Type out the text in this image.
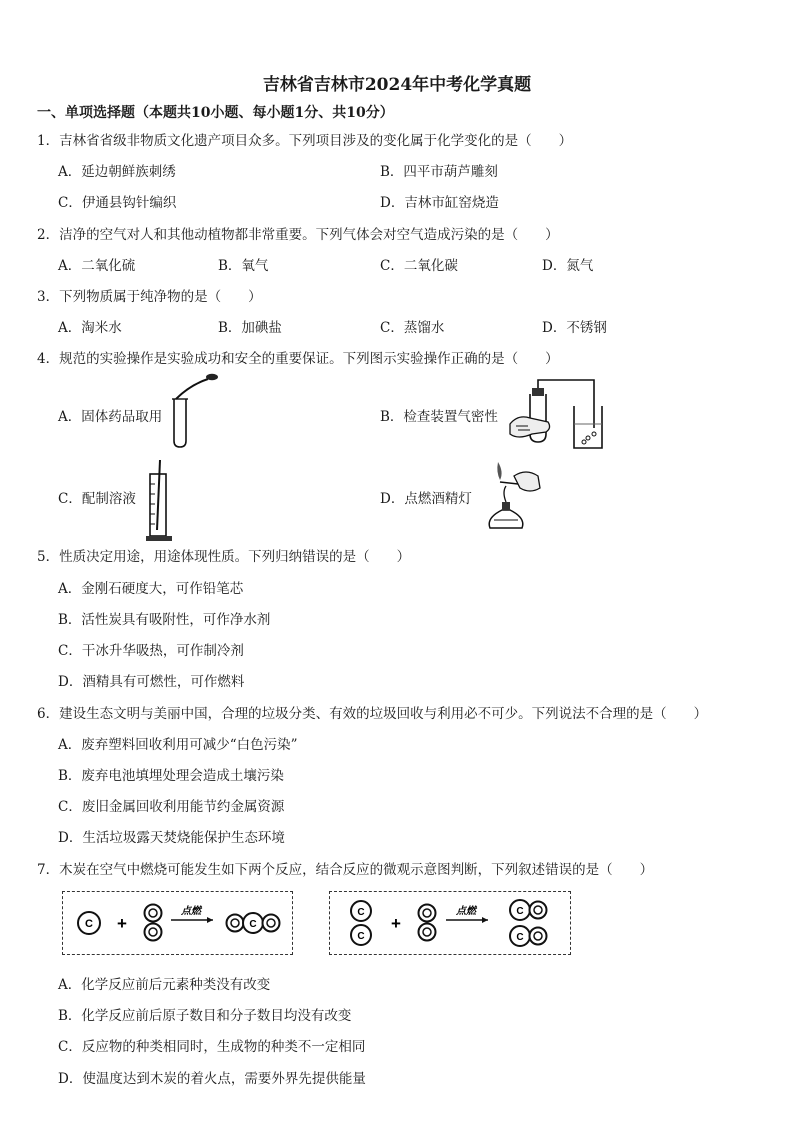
吉林省吉林市2024年中考化学真题
一、单项选择题（本题共10小题、每小题1分、共10分）
1．吉林省省级非物质文化遗产项目众多。下列项目涉及的变化属于化学变化的是（　　）
A．延边朝鲜族刺绣	B．四平市葫芦雕刻
C．伊通县钩针编织	D．吉林市缸窑烧造
2．洁净的空气对人和其他动植物都非常重要。下列气体会对空气造成污染的是（　　）
A．二氧化硫	B．氧气	C．二氧化碳	D．氮气
3．下列物质属于纯净物的是（　　）
A．淘米水	B．加碘盐	C．蒸馏水	D．不锈钢
4．规范的实验操作是实验成功和安全的重要保证。下列图示实验操作正确的是（　　）
A．固体药品取用	B．检查装置气密性
C．配制溶液	D．点燃酒精灯
5．性质决定用途，用途体现性质。下列归纳错误的是（　　）
A．金刚石硬度大，可作铅笔芯
B．活性炭具有吸附性，可作净水剂
C．干冰升华吸热，可作制冷剂
D．酒精具有可燃性，可作燃料
6．建设生态文明与美丽中国，合理的垃圾分类、有效的垃圾回收与利用必不可少。下列说法不合理的是（　　）
A．废弃塑料回收利用可减少“白色污染”
B．废弃电池填埋处理会造成土壤污染
C．废旧金属回收利用能节约金属资源
D．生活垃圾露天焚烧能保护生态环境
7．木炭在空气中燃烧可能发生如下两个反应，结合反应的微观示意图判断，下列叙述错误的是（　　）
C +
点燃
C
C
C
+
点燃	C
C
A．化学反应前后元素种类没有改变
B．化学反应前后原子数目和分子数目均没有改变
C．反应物的种类相同时，生成物的种类不一定相同
D．使温度达到木炭的着火点，需要外界先提供能量
